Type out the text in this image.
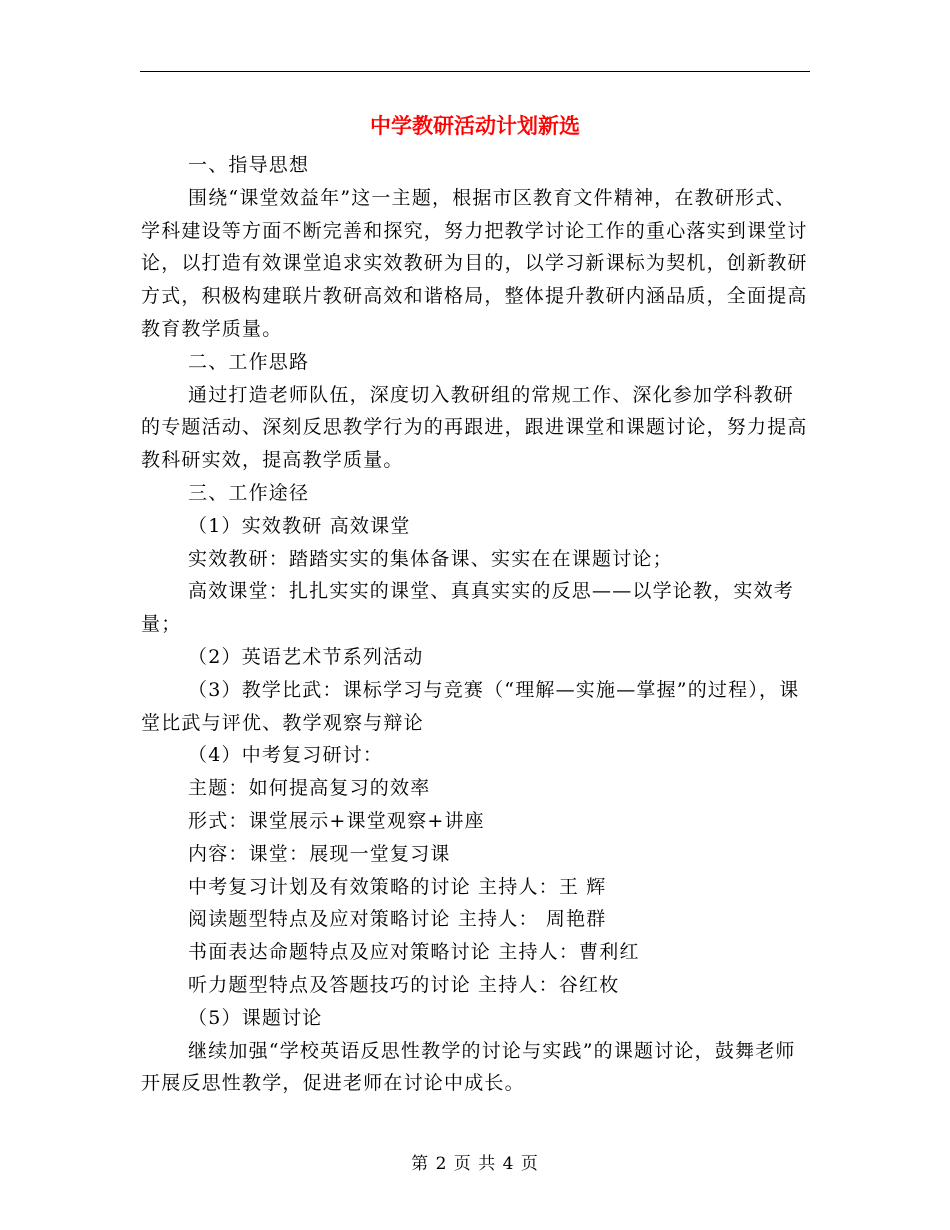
中学教研活动计划新选

一、指导思想

围绕“课堂效益年”这一主题，根据市区教育文件精神，在教研形式、学科建设等方面不断完善和探究，努力把教学讨论工作的重心落实到课堂讨论，以打造有效课堂追求实效教研为目的，以学习新课标为契机，创新教研方式，积极构建联片教研高效和谐格局，整体提升教研内涵品质，全面提高教育教学质量。

二、工作思路

通过打造老师队伍，深度切入教研组的常规工作、深化参加学科教研的专题活动、深刻反思教学行为的再跟进，跟进课堂和课题讨论，努力提高教科研实效，提高教学质量。

三、工作途径

（1）实效教研 高效课堂

实效教研：踏踏实实的集体备课、实实在在课题讨论；

高效课堂：扎扎实实的课堂、真真实实的反思——以学论教，实效考量；

（2）英语艺术节系列活动

（3）教学比武：课标学习与竞赛（“理解—实施—掌握”的过程），课堂比武与评优、教学观察与辩论

（4）中考复习研讨：

主题：如何提高复习的效率

形式：课堂展示+课堂观察+讲座

内容：课堂：展现一堂复习课

中考复习计划及有效策略的讨论 主持人：王 辉

阅读题型特点及应对策略讨论 主持人： 周艳群

书面表达命题特点及应对策略讨论 主持人：曹利红

听力题型特点及答题技巧的讨论 主持人：谷红枚

（5）课题讨论

继续加强“学校英语反思性教学的讨论与实践”的课题讨论，鼓舞老师开展反思性教学，促进老师在讨论中成长。

第 2 页 共 4 页
